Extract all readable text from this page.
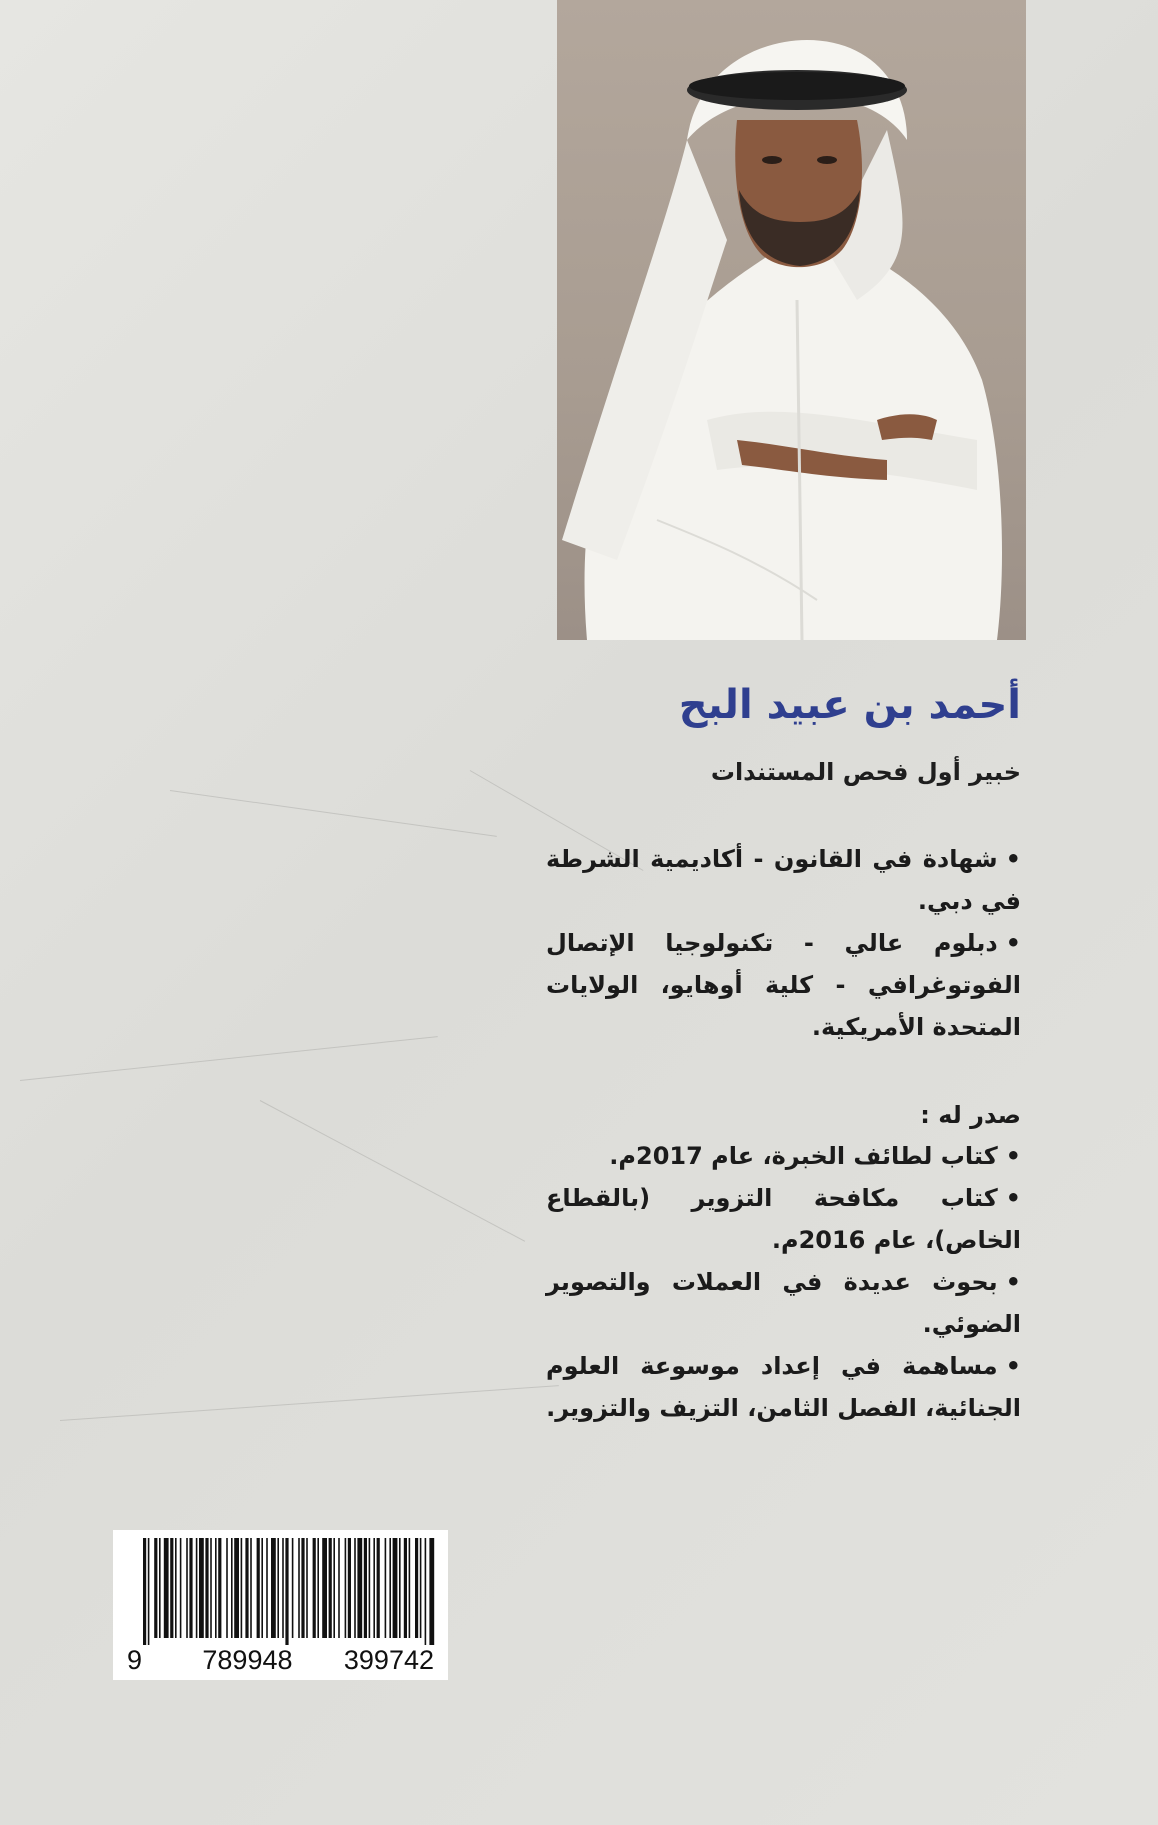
أحمد بن عبيد البح
خبير أول فحص المستندات
•شهادة في القانون - أكاديمية الشرطة في دبي.
•دبلوم عالي - تكنولوجيا الإتصال الفوتوغرافي - كلية أوهايو، الولايات المتحدة الأمريكية.
صدر له :
•كتاب لطائف الخبرة، عام 2017م.
•كتاب مكافحة التزوير (بالقطاع الخاص)، عام 2016م.
•بحوث عديدة في العملات والتصوير الضوئي.
•مساهمة في إعداد موسوعة العلوم الجنائية، الفصل الثامن، التزيف والتزوير.
9	789948 399742
